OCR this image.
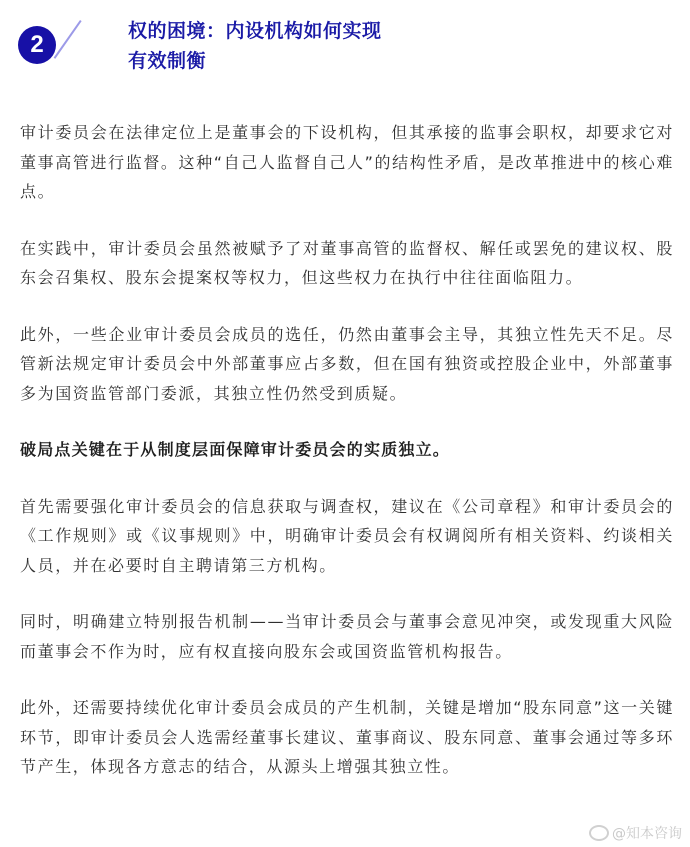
2	权的困境：内设机构如何实现
有效制衡

审计委员会在法律定位上是董事会的下设机构，但其承接的监事会职权，却要求它对董事高管进行监督。这种“自己人监督自己人”的结构性矛盾，是改革推进中的核心难点。

在实践中，审计委员会虽然被赋予了对董事高管的监督权、解任或罢免的建议权、股东会召集权、股东会提案权等权力，但这些权力在执行中往往面临阻力。

此外，一些企业审计委员会成员的选任，仍然由董事会主导，其独立性先天不足。尽管新法规定审计委员会中外部董事应占多数，但在国有独资或控股企业中，外部董事多为国资监管部门委派，其独立性仍然受到质疑。

破局点关键在于从制度层面保障审计委员会的实质独立。

首先需要强化审计委员会的信息获取与调查权，建议在《公司章程》和审计委员会的《工作规则》或《议事规则》中，明确审计委员会有权调阅所有相关资料、约谈相关人员，并在必要时自主聘请第三方机构。

同时，明确建立特别报告机制——当审计委员会与董事会意见冲突，或发现重大风险而董事会不作为时，应有权直接向股东会或国资监管机构报告。

此外，还需要持续优化审计委员会成员的产生机制，关键是增加“股东同意”这一关键环节，即审计委员会人选需经董事长建议、董事商议、股东同意、董事会通过等多环节产生，体现各方意志的结合，从源头上增强其独立性。

@知本咨询
